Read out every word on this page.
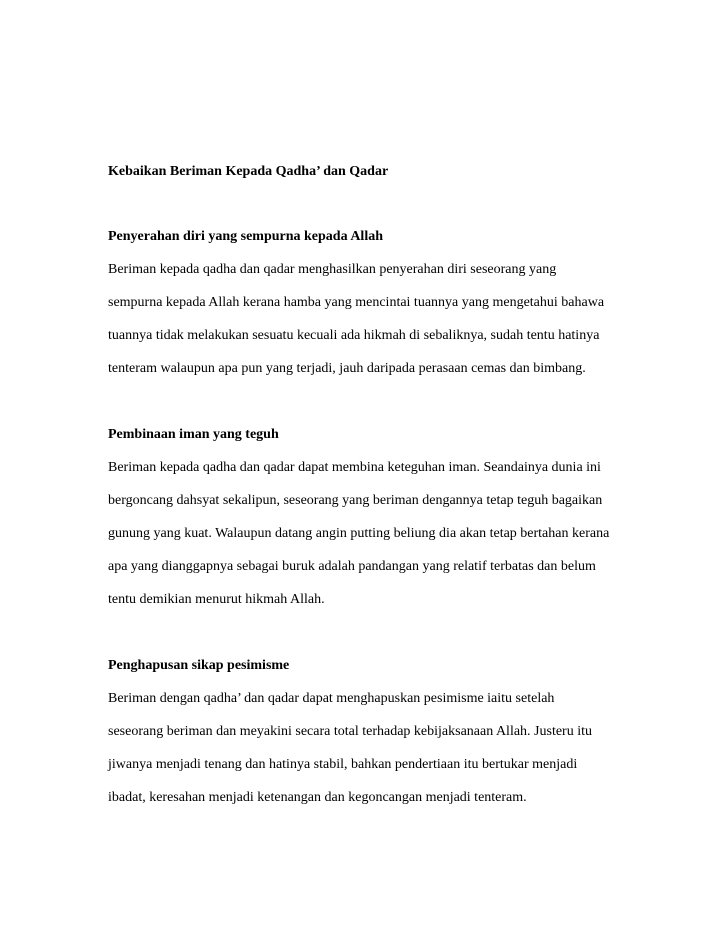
Kebaikan Beriman Kepada Qadha’ dan Qadar
Penyerahan diri yang sempurna kepada Allah
Beriman kepada qadha dan qadar menghasilkan penyerahan diri seseorang yang
sempurna kepada Allah kerana hamba yang mencintai tuannya yang mengetahui bahawa
tuannya tidak melakukan sesuatu kecuali ada hikmah di sebaliknya, sudah tentu hatinya
tenteram walaupun apa pun yang terjadi, jauh daripada perasaan cemas dan bimbang.
Pembinaan iman yang teguh
Beriman kepada qadha dan qadar dapat membina keteguhan iman. Seandainya dunia ini
bergoncang dahsyat sekalipun, seseorang yang beriman dengannya tetap teguh bagaikan
gunung yang kuat. Walaupun datang angin putting beliung dia akan tetap bertahan kerana
apa yang dianggapnya sebagai buruk adalah pandangan yang relatif terbatas dan belum
tentu demikian menurut hikmah Allah.
Penghapusan sikap pesimisme
Beriman dengan qadha’ dan qadar dapat menghapuskan pesimisme iaitu setelah
seseorang beriman dan meyakini secara total terhadap kebijaksanaan Allah. Justeru itu
jiwanya menjadi tenang dan hatinya stabil, bahkan pendertiaan itu bertukar menjadi
ibadat, keresahan menjadi ketenangan dan kegoncangan menjadi tenteram.
